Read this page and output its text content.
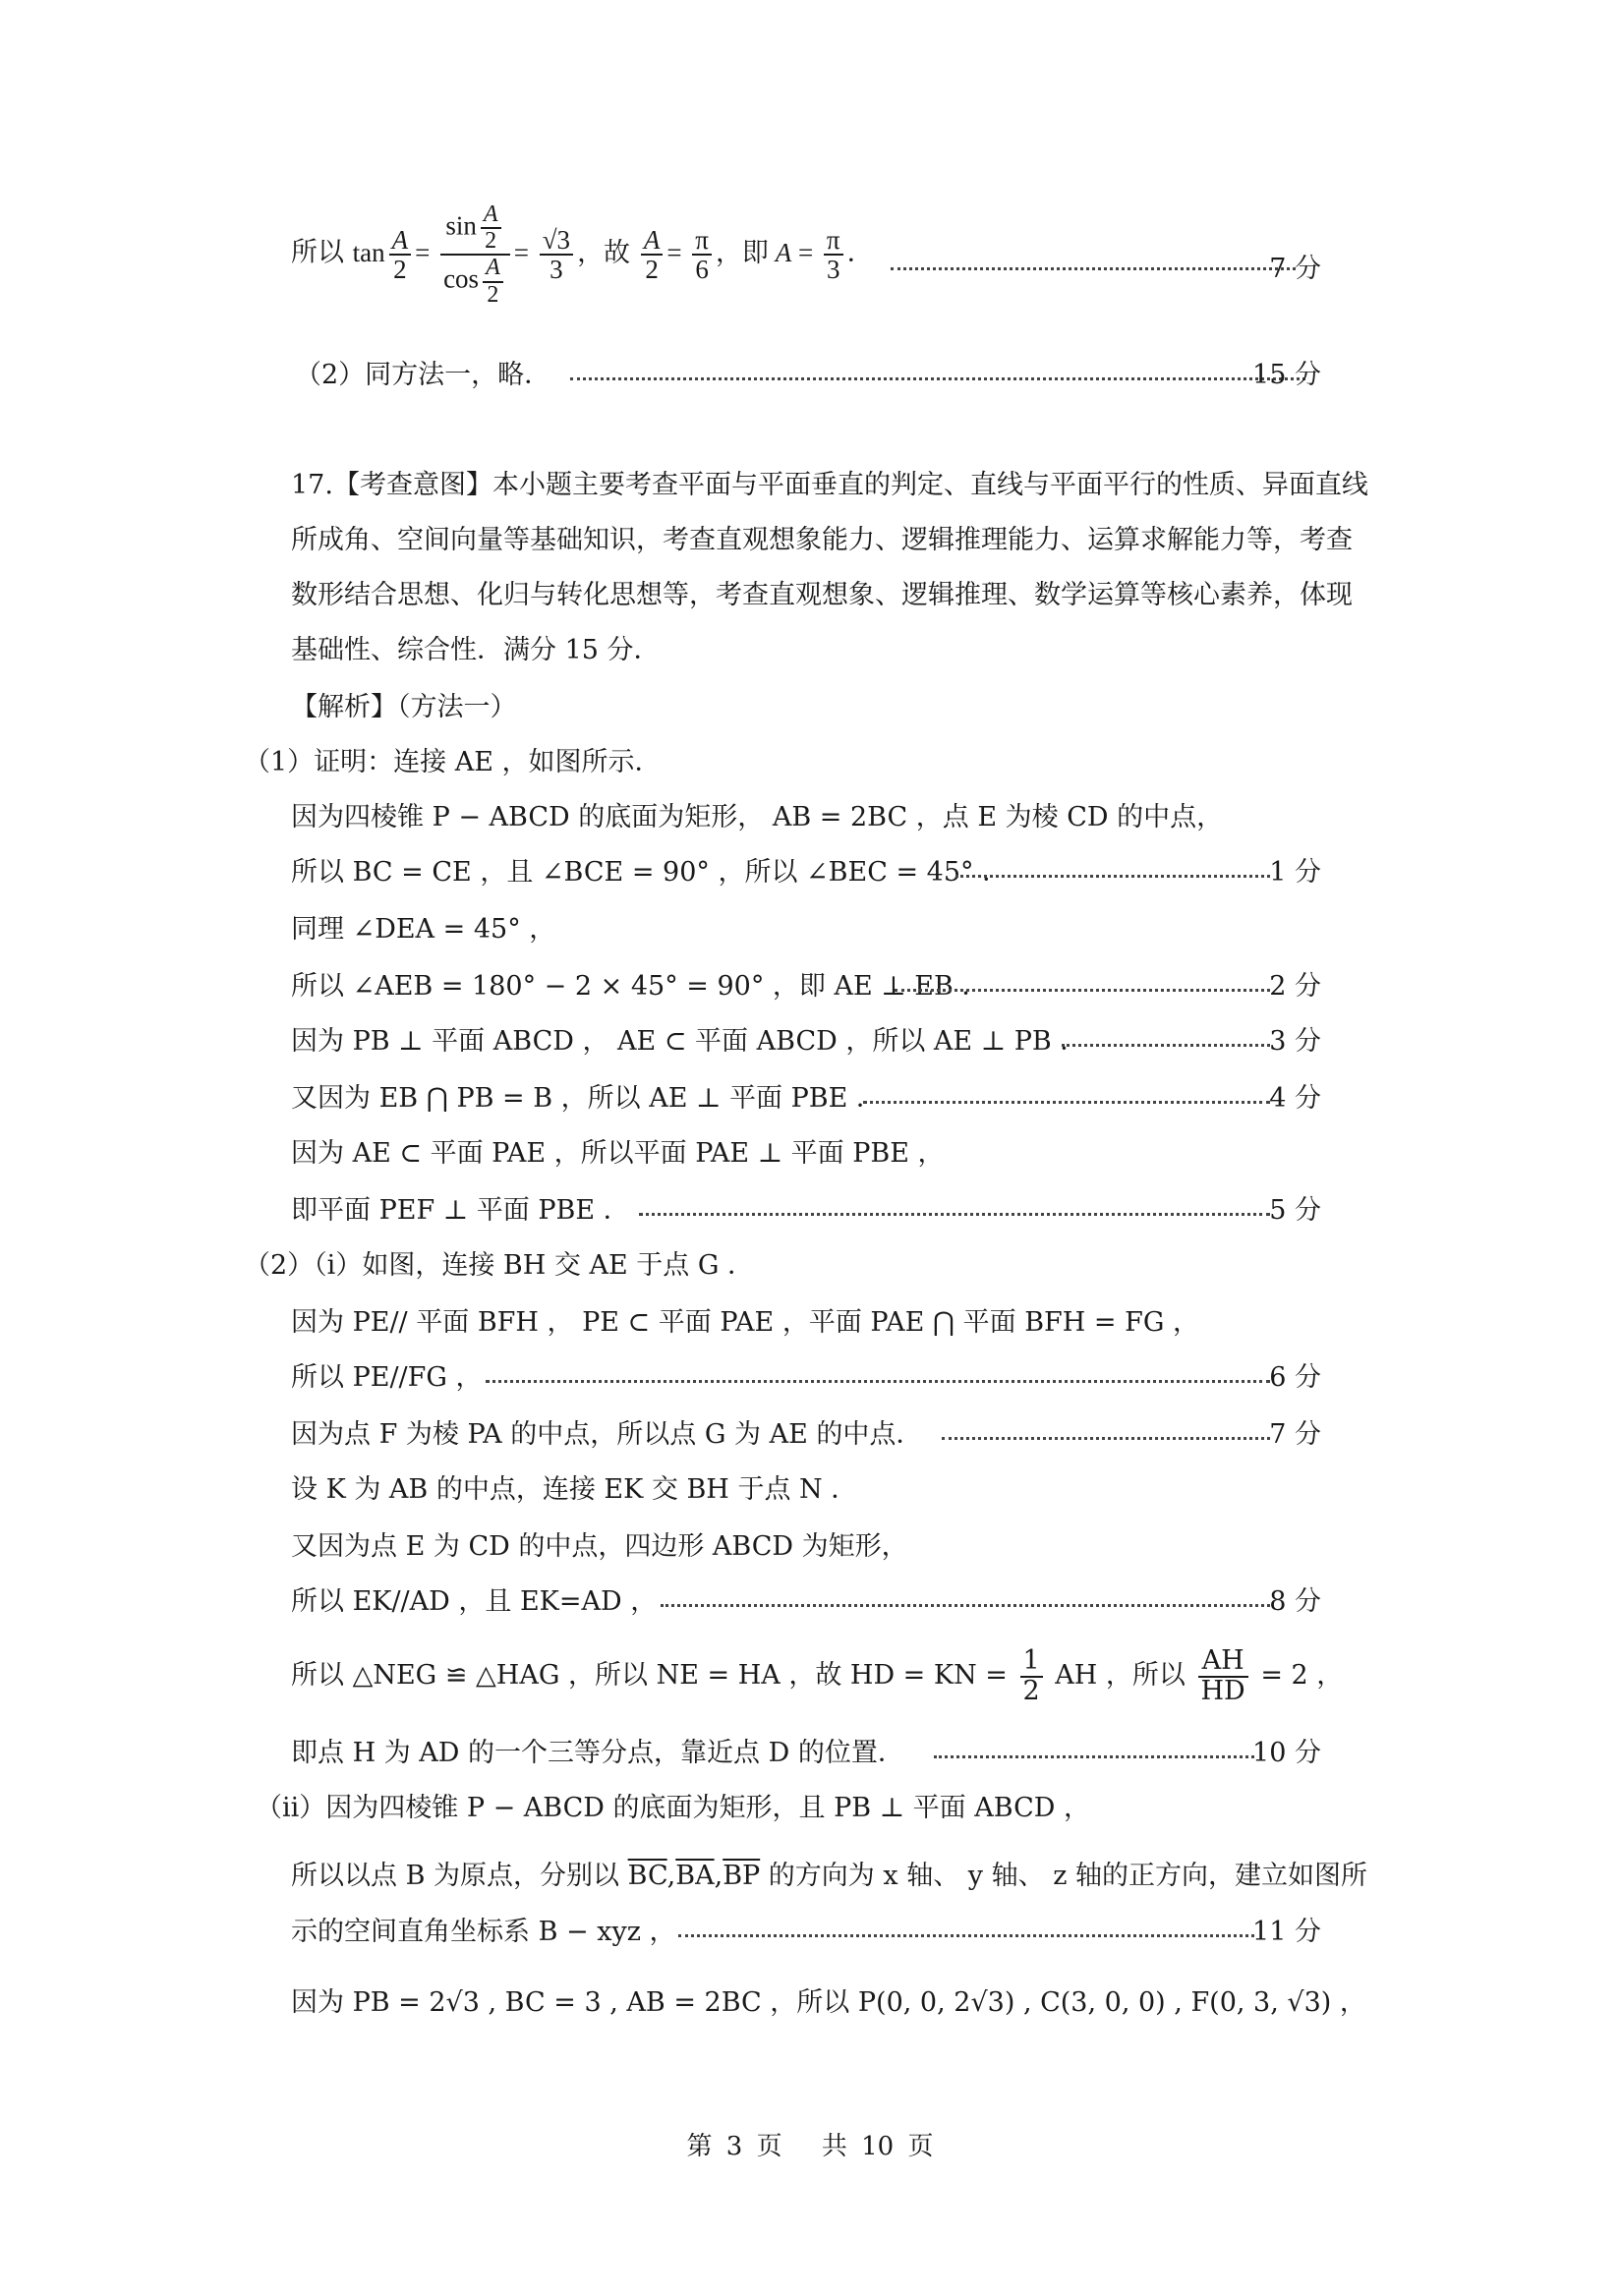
所以 $\tan \frac{A}{2} = \frac{\sin \frac{A}{2}}{\cos \frac{A}{2}} = \frac{√3}{3}$ ，故 $\frac{A}{2} = \frac{\pi}{6}$ ，即 $A = \frac{\pi}{3}$ ．
7 分
（2）同方法一，略．	15 分
17.【考查意图】本小题主要考查平面与平面垂直的判定、直线与平面平行的性质、异面直线
所成角、空间向量等基础知识，考查直观想象能力、逻辑推理能力、运算求解能力等，考查
数形结合思想、化归与转化思想等，考查直观想象、逻辑推理、数学运算等核心素养，体现
基础性、综合性．满分 15 分．
【解析】（方法一）
（1）证明：连接 AE ，如图所示．
因为四棱锥 P − ABCD 的底面为矩形， AB = 2BC ，点 E 为棱 CD 的中点，
所以 BC = CE ，且 ∠BCE = 90° ，所以 ∠BEC = 45° ．	1 分
同理 ∠DEA = 45° ，
所以 ∠AEB = 180° − 2 × 45° = 90° ，即 AE ⊥ EB ．	2 分
因为 PB ⊥ 平面 ABCD ， AE ⊂ 平面 ABCD ，所以 AE ⊥ PB ．	3 分
又因为 EB ⋂ PB = B ，所以 AE ⊥ 平面 PBE ．	4 分
因为 AE ⊂ 平面 PAE ，所以平面 PAE ⊥ 平面 PBE ，
即平面 PEF ⊥ 平面 PBE ．	5 分
（2）（ⅰ）如图，连接 BH 交 AE 于点 G ．
因为 PE// 平面 BFH ， PE ⊂ 平面 PAE ，平面 PAE ⋂ 平面 BFH = FG ，
所以 PE//FG ，	6 分
因为点 F 为棱 PA 的中点，所以点 G 为 AE 的中点．	7 分
设 K 为 AB 的中点，连接 EK 交 BH 于点 N ．
又因为点 E 为 CD 的中点，四边形 ABCD 为矩形，
所以 EK//AD ，且 EK=AD ，	8 分
所以 △NEG ≌ △HAG ，所以 NE = HA ，故 HD = KN = $\frac{1}{2}$ AH ，所以 $\frac{AH}{HD} = 2$ ，
即点 H 为 AD 的一个三等分点，靠近点 D 的位置．	10 分
（ⅱ）因为四棱锥 P − ABCD 的底面为矩形，且 PB ⊥ 平面 ABCD ，
所以以点 B 为原点，分别以 $\overline{BC},\overline{BA},\overline{BP}$ 的方向为 x 轴、 y 轴、 z 轴的正方向，建立如图所
示的空间直角坐标系 B − xyz ，	11 分
因为 PB = 2√3 , BC = 3 , AB = 2BC ，所以 P(0, 0, 2√3) , C(3, 0, 0) , F(0, 3, √3) ，
第 3 页　 共 10 页
